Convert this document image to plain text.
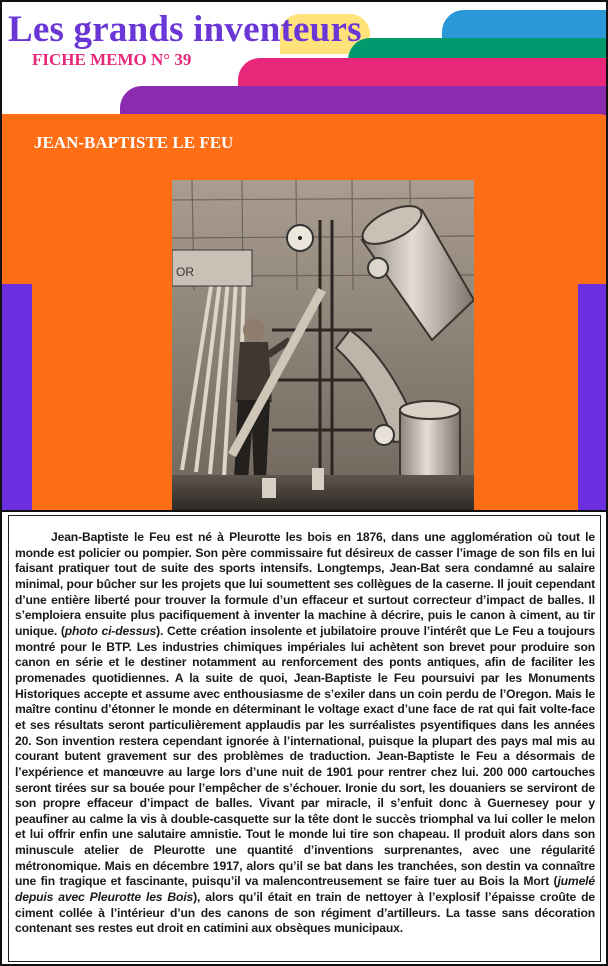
Les grands inventeurs
FICHE MEMO N° 39
JEAN-BAPTISTE LE FEU
OR
Jean-Baptiste le Feu est né à Pleurotte les bois en 1876, dans une agglomération où tout le monde est policier ou pompier. Son père commissaire fut désireux de casser l’image de son fils en lui faisant pratiquer tout de suite des sports intensifs. Longtemps, Jean-Bat sera condamné au salaire minimal, pour bûcher sur les projets que lui soumettent ses collègues de la caserne. Il jouit cependant d’une entière liberté pour trouver la formule d’un effaceur et surtout correcteur d’impact de balles. Il s’emploiera ensuite plus pacifiquement à inventer la machine à décrire, puis le canon à ciment, au tir unique. (photo ci-dessus). Cette création insolente et jubilatoire prouve l’intérêt que Le Feu a toujours montré pour le BTP. Les industries chimiques impériales lui achètent son brevet pour produire son canon en série et le destiner notamment au renforcement des ponts antiques, afin de faciliter les promenades quotidiennes. A la suite de quoi, Jean-Baptiste le Feu poursuivi par les Monuments Historiques accepte et assume avec enthousiasme de s’exiler dans un coin perdu de l’Oregon. Mais le maître continu d’étonner le monde en déterminant le voltage exact d’une face de rat qui fait volte-face et ses résultats seront particulièrement applaudis par les surréalistes psyentifiques dans les années 20. Son invention restera cependant ignorée à l’international, puisque la plupart des pays mal mis au courant butent gravement sur des problèmes de traduction. Jean-Baptiste le Feu a désormais de l’expérience et manœuvre au large lors d’une nuit de 1901 pour rentrer chez lui. 200 000 cartouches seront tirées sur sa bouée pour l’empêcher de s’échouer. Ironie du sort, les douaniers se serviront de son propre effaceur d’impact de balles. Vivant par miracle, il s’enfuit donc à Guernesey pour y peaufiner au calme la vis à double-casquette sur la tête dont le succès triomphal va lui coller le melon et lui offrir enfin une salutaire amnistie. Tout le monde lui tire son chapeau. Il produit alors dans son minuscule atelier de Pleurotte une quantité d’inventions surprenantes, avec une régularité métronomique. Mais en décembre 1917, alors qu’il se bat dans les tranchées, son destin va connaître une fin tragique et fascinante, puisqu’il va malencontreusement se faire tuer au Bois la Mort (jumelé depuis avec Pleurotte les Bois), alors qu’il était en train de nettoyer à l’explosif l’épaisse croûte de ciment collée à l’intérieur d’un des canons de son régiment d’artilleurs. La tasse sans décoration contenant ses restes eut droit en catimini aux obsèques municipaux.
